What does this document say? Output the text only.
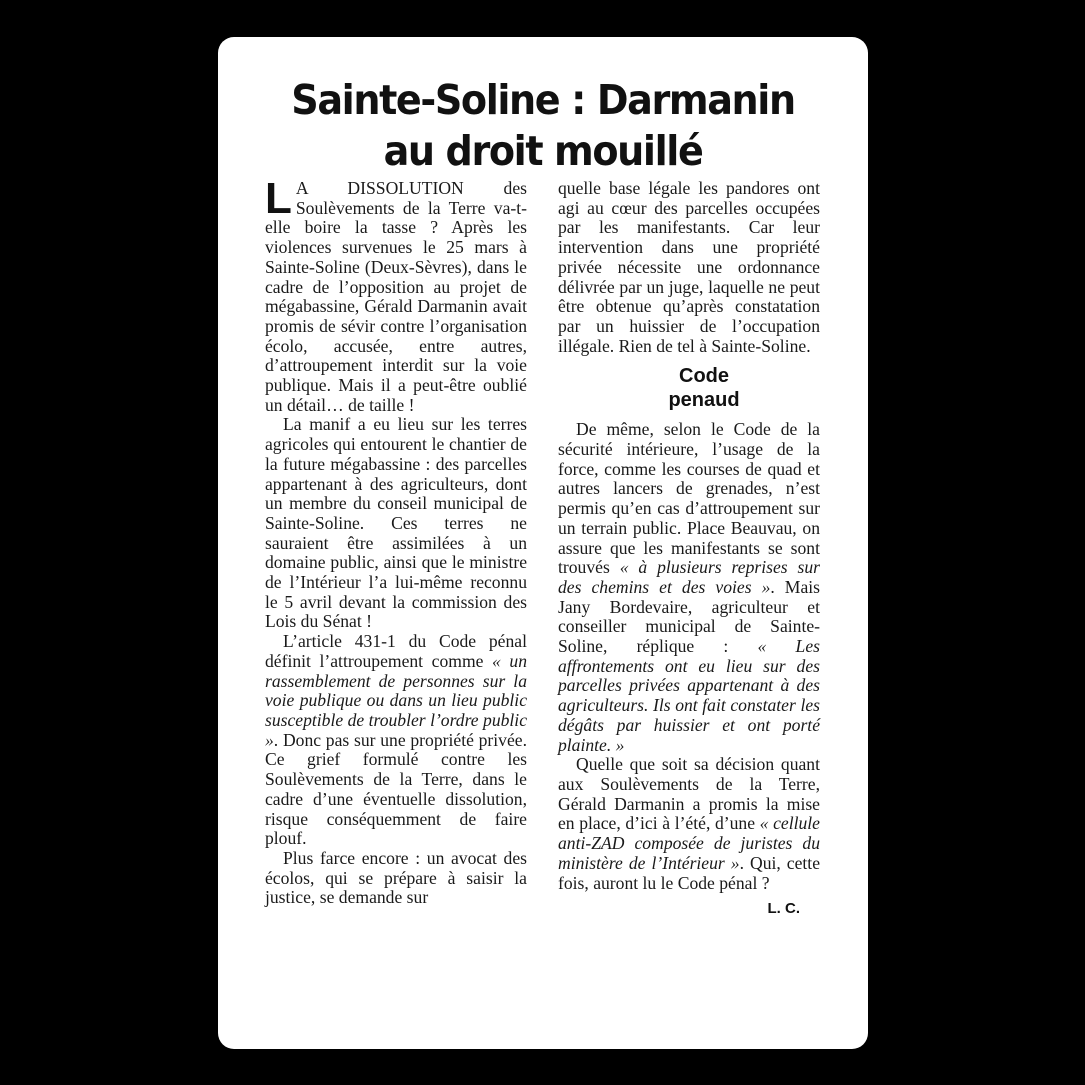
Sainte-Soline : Darmanin
au droit mouillé

L A DISSOLUTION des Soulèvements de la Terre va-t-elle boire la tasse ? Après les violences survenues le 25 mars à Sainte-Soline (Deux-Sèvres), dans le cadre de l’opposition au projet de mégabassine, Gérald Darmanin avait promis de sévir contre l’organisation écolo, accusée, entre autres, d’attroupement interdit sur la voie publique. Mais il a peut-être oublié un détail… de taille !

La manif a eu lieu sur les terres agricoles qui entourent le chantier de la future mégabassine : des parcelles appartenant à des agriculteurs, dont un membre du conseil municipal de Sainte-Soline. Ces terres ne sauraient être assimilées à un domaine public, ainsi que le ministre de l’Intérieur l’a lui-même reconnu le 5 avril devant la commission des Lois du Sénat !

L’article 431-1 du Code pénal définit l’attroupement comme « un rassemblement de personnes sur la voie publique ou dans un lieu public susceptible de troubler l’ordre public ». Donc pas sur une propriété privée. Ce grief formulé contre les Soulèvements de la Terre, dans le cadre d’une éventuelle dissolution, risque conséquemment de faire plouf.

Plus farce encore : un avocat des écolos, qui se prépare à saisir la justice, se demande sur

quelle base légale les pandores ont agi au cœur des parcelles occupées par les manifestants. Car leur intervention dans une propriété privée nécessite une ordonnance délivrée par un juge, laquelle ne peut être obtenue qu’après constatation par un huissier de l’occupation illégale. Rien de tel à Sainte-Soline.

Code
penaud

De même, selon le Code de la sécurité intérieure, l’usage de la force, comme les courses de quad et autres lancers de grenades, n’est permis qu’en cas d’attroupement sur un terrain public. Place Beauvau, on assure que les manifestants se sont trouvés « à plusieurs reprises sur des chemins et des voies ». Mais Jany Bordevaire, agriculteur et conseiller municipal de Sainte-Soline, réplique : « Les affrontements ont eu lieu sur des parcelles privées appartenant à des agriculteurs. Ils ont fait constater les dégâts par huissier et ont porté plainte. »

Quelle que soit sa décision quant aux Soulèvements de la Terre, Gérald Darmanin a promis la mise en place, d’ici à l’été, d’une « cellule anti-ZAD composée de juristes du ministère de l’Intérieur ». Qui, cette fois, auront lu le Code pénal ?

L. C.
